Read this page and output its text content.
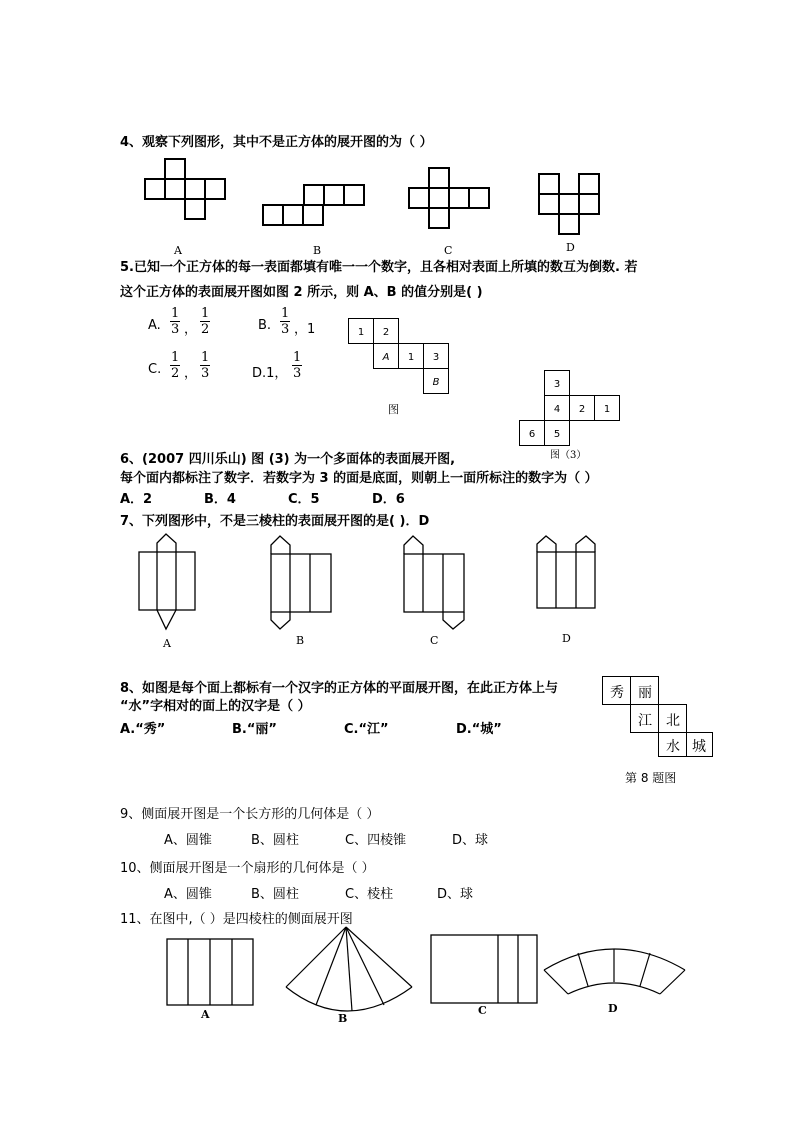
4、观察下列图形，其中不是正方体的展开图的为（ ）
A	B	C	D
5.已知一个正方体的每一表面都填有唯一一个数字，且各相对表面上所填的数互为倒数. 若
这个正方体的表面展开图如图 2 所示，则 A、B 的值分别是( )
A. $\frac{1}{3}$ ， $\frac{1}{2}$	B. $\frac{1}{3}$ ，1
C. $\frac{1}{2}$ ， $\frac{1}{3}$	D.1， $\frac{1}{3}$
1 2
A 1 3
B
图
3
4 2 1
6 5
图（3）
6、(2007 四川乐山) 图 (3) 为一个多面体的表面展开图,
每个面内都标注了数字．若数字为 3 的面是底面，则朝上一面所标注的数字为（ ）
A．2	B．4	C．5	D．6
7、下列图形中，不是三棱柱的表面展开图的是( )．D
A	B	C	D
8、如图是每个面上都标有一个汉字的正方体的平面展开图，在此正方体上与
“水”字相对的面上的汉字是（ ）
A.“秀”	B.“丽”	C.“江”	D.“城”
秀	丽
江	北
水 城
第 8 题图
9、侧面展开图是一个长方形的几何体是（ ）
A、圆锥	B、圆柱	C、四棱锥	D、球
10、侧面展开图是一个扇形的几何体是（ ）
A、圆锥	B、圆柱	C、棱柱	D、球
11、在图中,（ ）是四棱柱的侧面展开图
A	B
C	D
